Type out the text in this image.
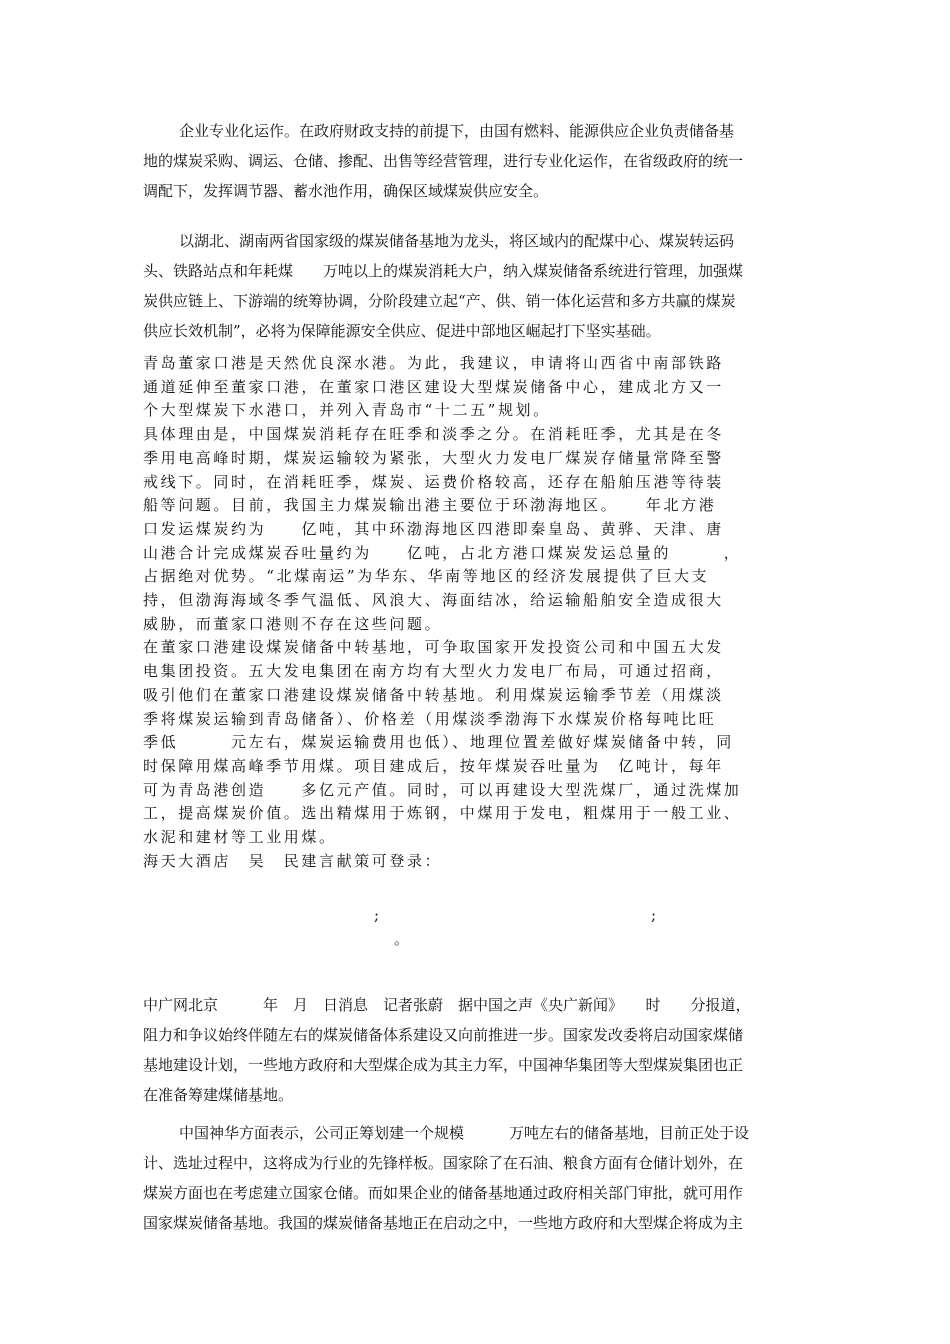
企业专业化运作。在政府财政支持的前提下，由国有燃料、能源供应企业负责储备基
地的煤炭采购、调运、仓储、掺配、出售等经营管理，进行专业化运作，在省级政府的统一
调配下，发挥调节器、蓄水池作用，确保区域煤炭供应安全。
以湖北、湖南两省国家级的煤炭储备基地为龙头，将区域内的配煤中心、煤炭转运码
头、铁路站点和年耗煤　　万吨以上的煤炭消耗大户，纳入煤炭储备系统进行管理，加强煤
炭供应链上、下游端的统筹协调，分阶段建立起“产、供、销一体化运营和多方共赢的煤炭
供应长效机制”，必将为保障能源安全供应、促进中部地区崛起打下坚实基础。
青岛董家口港是天然优良深水港。为此，我建议，申请将山西省中南部铁路
通道延伸至董家口港，在董家口港区建设大型煤炭储备中心，建成北方又一
个大型煤炭下水港口，并列入青岛市“十二五”规划。
具体理由是，中国煤炭消耗存在旺季和淡季之分。在消耗旺季，尤其是在冬
季用电高峰时期，煤炭运输较为紧张，大型火力发电厂煤炭存储量常降至警
戒线下。同时，在消耗旺季，煤炭、运费价格较高，还存在船舶压港等待装
船等问题。目前，我国主力煤炭输出港主要位于环渤海地区。　　年北方港
口发运煤炭约为　　亿吨，其中环渤海地区四港即秦皇岛、黄骅、天津、唐
山港合计完成煤炭吞吐量约为　　亿吨，占北方港口煤炭发运总量的　　　，
占据绝对优势。“北煤南运”为华东、华南等地区的经济发展提供了巨大支
持，但渤海海域冬季气温低、风浪大、海面结冰，给运输船舶安全造成很大
威胁，而董家口港则不存在这些问题。
在董家口港建设煤炭储备中转基地，可争取国家开发投资公司和中国五大发
电集团投资。五大发电集团在南方均有大型火力发电厂布局，可通过招商，
吸引他们在董家口港建设煤炭储备中转基地。利用煤炭运输季节差（用煤淡
季将煤炭运输到青岛储备）、价格差（用煤淡季渤海下水煤炭价格每吨比旺
季低　　　元左右，煤炭运输费用也低）、地理位置差做好煤炭储备中转，同
时保障用煤高峰季节用煤。项目建成后，按年煤炭吞吐量为　亿吨计，每年
可为青岛港创造　　多亿元产值。同时，可以再建设大型洗煤厂，通过洗煤加
工，提高煤炭价值。选出精煤用于炼钢，中煤用于发电，粗煤用于一般工业、
水泥和建材等工业用煤。
海天大酒店　吴　民建言献策可登录：
;	;
。
中广网北京　　　年　月　日消息　记者张蔚　据中国之声《央广新闻》　　时　　分报道，
阻力和争议始终伴随左右的煤炭储备体系建设又向前推进一步。国家发改委将启动国家煤储
基地建设计划，一些地方政府和大型煤企成为其主力军，中国神华集团等大型煤炭集团也正
在准备筹建煤储基地。
中国神华方面表示，公司正筹划建一个规模　　　万吨左右的储备基地，目前正处于设
计、选址过程中，这将成为行业的先锋样板。国家除了在石油、粮食方面有仓储计划外，在
煤炭方面也在考虑建立国家仓储。而如果企业的储备基地通过政府相关部门审批，就可用作
国家煤炭储备基地。我国的煤炭储备基地正在启动之中，一些地方政府和大型煤企将成为主
